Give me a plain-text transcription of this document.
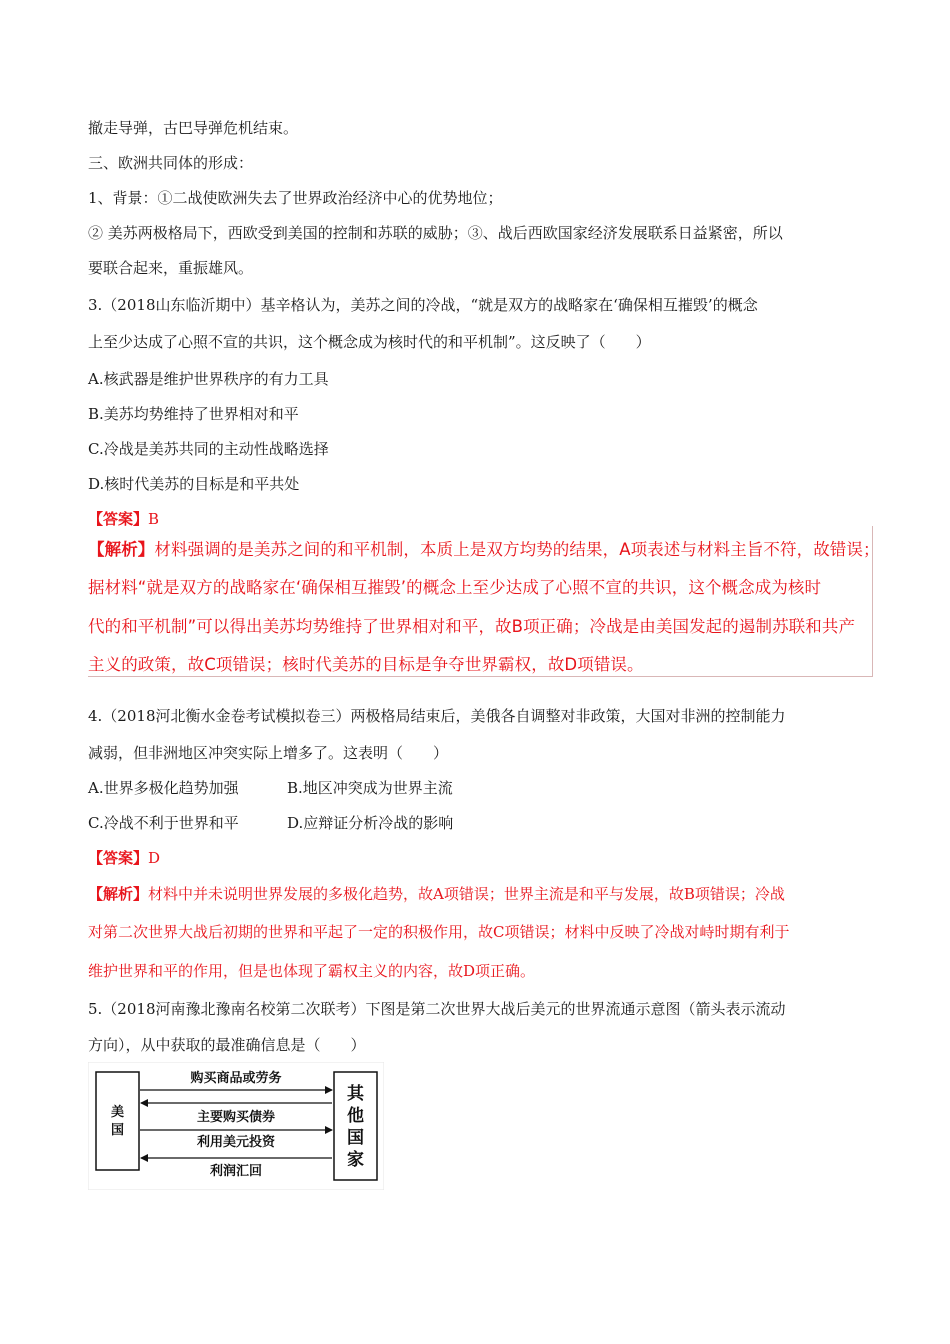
撤走导弹，古巴导弹危机结束。
三、欧洲共同体的形成：
1、背景：①二战使欧洲失去了世界政治经济中心的优势地位；
② 美苏两极格局下，西欧受到美国的控制和苏联的威胁；③、战后西欧国家经济发展联系日益紧密，所以
要联合起来，重振雄风。
3.（2018山东临沂期中）基辛格认为，美苏之间的冷战，“就是双方的战略家在‘确保相互摧毁’的概念
上至少达成了心照不宣的共识，这个概念成为核时代的和平机制”。这反映了（　　）
A.核武器是维护世界秩序的有力工具
B.美苏均势维持了世界相对和平
C.冷战是美苏共同的主动性战略选择
D.核时代美苏的目标是和平共处
【答案】B
【解析】材料强调的是美苏之间的和平机制，本质上是双方均势的结果，A项表述与材料主旨不符，故错误；
据材料“就是双方的战略家在‘确保相互摧毁’的概念上至少达成了心照不宣的共识，这个概念成为核时
代的和平机制”可以得出美苏均势维持了世界相对和平，故B项正确；冷战是由美国发起的遏制苏联和共产
主义的政策，故C项错误；核时代美苏的目标是争夺世界霸权，故D项错误。
4.（2018河北衡水金卷考试模拟卷三）两极格局结束后，美俄各自调整对非政策，大国对非洲的控制能力
减弱，但非洲地区冲突实际上增多了。这表明（　　）
A.世界多极化趋势加强	B.地区冲突成为世界主流
C.冷战不利于世界和平	D.应辩证分析冷战的影响
【答案】D
【解析】材料中并未说明世界发展的多极化趋势，故A项错误；世界主流是和平与发展，故B项错误；冷战
对第二次世界大战后初期的世界和平起了一定的积极作用，故C项错误；材料中反映了冷战对峙时期有利于
维护世界和平的作用，但是也体现了霸权主义的内容，故D项正确。
5.（2018河南豫北豫南名校第二次联考）下图是第二次世界大战后美元的世界流通示意图（箭头表示流动
方向），从中获取的最准确信息是（　　）
美
国
其
他
国
家
购买商品或劳务
主要购买债券
利用美元投资
利润汇回
